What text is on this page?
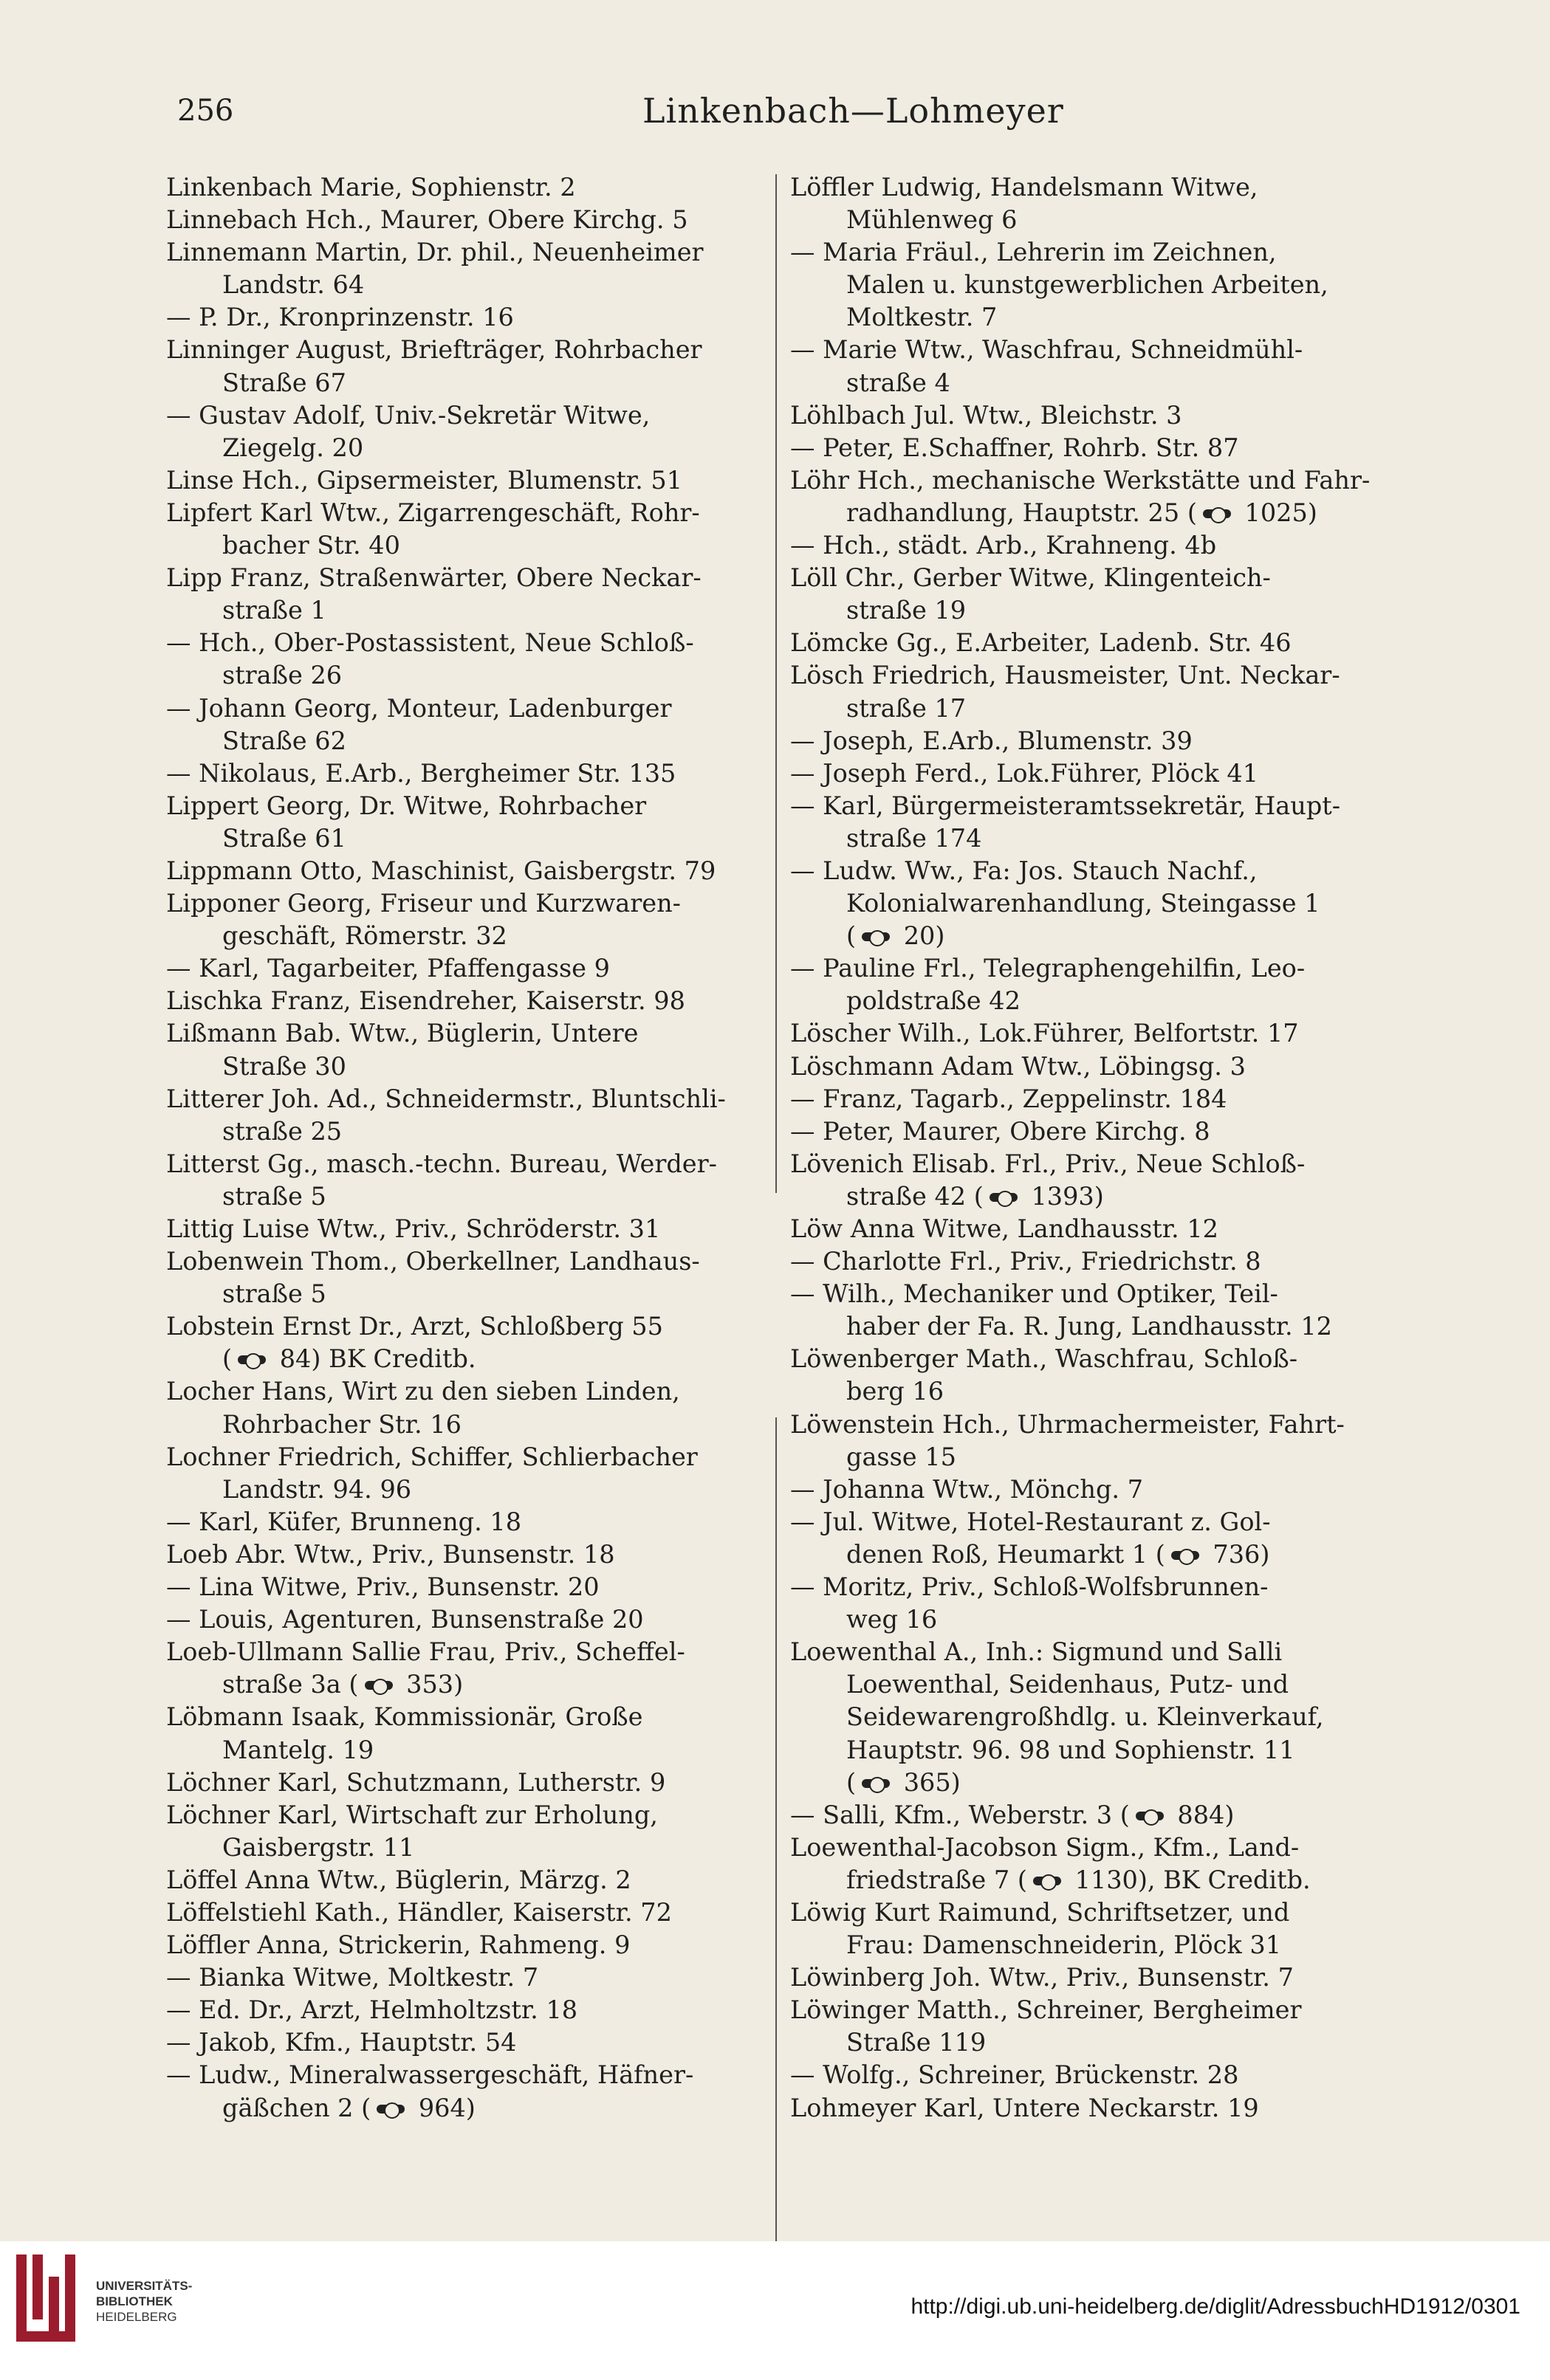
256	Linkenbach—Lohmeyer
Linkenbach Marie, Sophienstr. 2
Linnebach Hch., Maurer, Obere Kirchg. 5
Linnemann Martin, Dr. phil., Neuenheimer
Landstr. 64
— P. Dr., Kronprinzenstr. 16
Linninger August, Briefträger, Rohrbacher
Straße 67
— Gustav Adolf, Univ.-Sekretär Witwe,
Ziegelg. 20
Linse Hch., Gipsermeister, Blumenstr. 51
Lipfert Karl Wtw., Zigarrengeschäft, Rohr-
bacher Str. 40
Lipp Franz, Straßenwärter, Obere Neckar-
straße 1
— Hch., Ober-Postassistent, Neue Schloß-
straße 26
— Johann Georg, Monteur, Ladenburger
Straße 62
— Nikolaus, E.Arb., Bergheimer Str. 135
Lippert Georg, Dr. Witwe, Rohrbacher
Straße 61
Lippmann Otto, Maschinist, Gaisbergstr. 79
Lipponer Georg, Friseur und Kurzwaren-
geschäft, Römerstr. 32
— Karl, Tagarbeiter, Pfaffengasse 9
Lischka Franz, Eisendreher, Kaiserstr. 98
Lißmann Bab. Wtw., Büglerin, Untere
Straße 30
Litterer Joh. Ad., Schneidermstr., Bluntschli-
straße 25
Litterst Gg., masch.-techn. Bureau, Werder-
straße 5
Littig Luise Wtw., Priv., Schröderstr. 31
Lobenwein Thom., Oberkellner, Landhaus-
straße 5
Lobstein Ernst Dr., Arzt, Schloßberg 55
( 84) BK Creditb.
Locher Hans, Wirt zu den sieben Linden,
Rohrbacher Str. 16
Lochner Friedrich, Schiffer, Schlierbacher
Landstr. 94. 96
— Karl, Küfer, Brunneng. 18
Loeb Abr. Wtw., Priv., Bunsenstr. 18
— Lina Witwe, Priv., Bunsenstr. 20
— Louis, Agenturen, Bunsenstraße 20
Loeb-Ullmann Sallie Frau, Priv., Scheffel-
straße 3a ( 353)
Löbmann Isaak, Kommissionär, Große
Mantelg. 19
Löchner Karl, Schutzmann, Lutherstr. 9
Löchner Karl, Wirtschaft zur Erholung,
Gaisbergstr. 11
Löffel Anna Wtw., Büglerin, Märzg. 2
Löffelstiehl Kath., Händler, Kaiserstr. 72
Löffler Anna, Strickerin, Rahmeng. 9
— Bianka Witwe, Moltkestr. 7
— Ed. Dr., Arzt, Helmholtzstr. 18
— Jakob, Kfm., Hauptstr. 54
— Ludw., Mineralwassergeschäft, Häfner-
gäßchen 2 ( 964)
Löffler Ludwig, Handelsmann Witwe,
Mühlenweg 6
— Maria Fräul., Lehrerin im Zeichnen,
Malen u. kunstgewerblichen Arbeiten,
Moltkestr. 7
— Marie Wtw., Waschfrau, Schneidmühl-
straße 4
Löhlbach Jul. Wtw., Bleichstr. 3
— Peter, E.Schaffner, Rohrb. Str. 87
Löhr Hch., mechanische Werkstätte und Fahr-
radhandlung, Hauptstr. 25 ( 1025)
— Hch., städt. Arb., Krahneng. 4b
Löll Chr., Gerber Witwe, Klingenteich-
straße 19
Lömcke Gg., E.Arbeiter, Ladenb. Str. 46
Lösch Friedrich, Hausmeister, Unt. Neckar-
straße 17
— Joseph, E.Arb., Blumenstr. 39
— Joseph Ferd., Lok.Führer, Plöck 41
— Karl, Bürgermeisteramtssekretär, Haupt-
straße 174
— Ludw. Ww., Fa: Jos. Stauch Nachf.,
Kolonialwarenhandlung, Steingasse 1
( 20)
— Pauline Frl., Telegraphengehilfin, Leo-
poldstraße 42
Löscher Wilh., Lok.Führer, Belfortstr. 17
Löschmann Adam Wtw., Löbingsg. 3
— Franz, Tagarb., Zeppelinstr. 184
— Peter, Maurer, Obere Kirchg. 8
Lövenich Elisab. Frl., Priv., Neue Schloß-
straße 42 ( 1393)
Löw Anna Witwe, Landhausstr. 12
— Charlotte Frl., Priv., Friedrichstr. 8
— Wilh., Mechaniker und Optiker, Teil-
haber der Fa. R. Jung, Landhausstr. 12
Löwenberger Math., Waschfrau, Schloß-
berg 16
Löwenstein Hch., Uhrmachermeister, Fahrt-
gasse 15
— Johanna Wtw., Mönchg. 7
— Jul. Witwe, Hotel-Restaurant z. Gol-
denen Roß, Heumarkt 1 ( 736)
— Moritz, Priv., Schloß-Wolfsbrunnen-
weg 16
Loewenthal A., Inh.: Sigmund und Salli
Loewenthal, Seidenhaus, Putz- und
Seidewarengroßhdlg. u. Kleinverkauf,
Hauptstr. 96. 98 und Sophienstr. 11
( 365)
— Salli, Kfm., Weberstr. 3 ( 884)
Loewenthal-Jacobson Sigm., Kfm., Land-
friedstraße 7 ( 1130), BK Creditb.
Löwig Kurt Raimund, Schriftsetzer, und
Frau: Damenschneiderin, Plöck 31
Löwinberg Joh. Wtw., Priv., Bunsenstr. 7
Löwinger Matth., Schreiner, Bergheimer
Straße 119
— Wolfg., Schreiner, Brückenstr. 28
Lohmeyer Karl, Untere Neckarstr. 19
UNIVERSITÄTS-
BIBLIOTHEK
HEIDELBERG	http://digi.ub.uni-heidelberg.de/diglit/AdressbuchHD1912/0301
